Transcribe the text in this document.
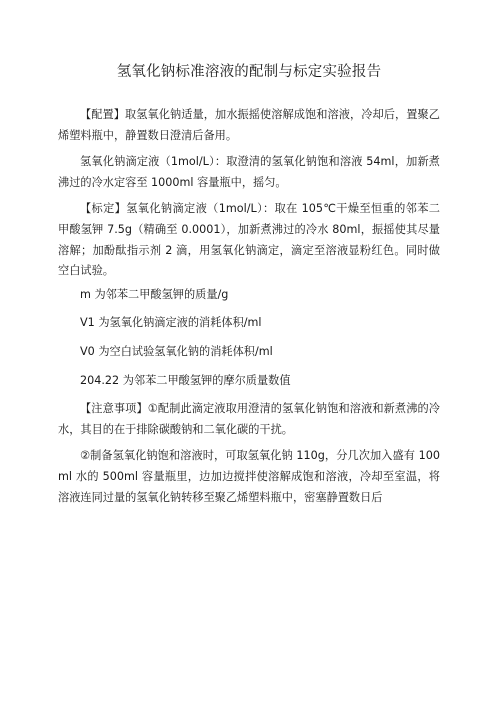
氢氧化钠标准溶液的配制与标定实验报告

【配置】取氢氧化钠适量，加水振摇使溶解成饱和溶液，冷却后，置聚乙烯塑料瓶中，静置数日澄清后备用。

氢氧化钠滴定液（1mol/L）：取澄清的氢氧化钠饱和溶液 54ml，加新煮沸过的冷水定容至 1000ml 容量瓶中，摇匀。

【标定】氢氧化钠滴定液（1mol/L）：取在 105℃干燥至恒重的邻苯二甲酸氢钾 7.5g（精确至 0.0001），加新煮沸过的冷水 80ml，振摇使其尽量溶解；加酚酞指示剂 2 滴，用氢氧化钠滴定，滴定至溶液显粉红色。同时做空白试验。

m 为邻苯二甲酸氢钾的质量/g
V1 为氢氧化钠滴定液的消耗体积/ml
V0 为空白试验氢氧化钠的消耗体积/ml
204.22 为邻苯二甲酸氢钾的摩尔质量数值

【注意事项】①配制此滴定液取用澄清的氢氧化钠饱和溶液和新煮沸的冷水，其目的在于排除碳酸钠和二氧化碳的干扰。

②制备氢氧化钠饱和溶液时，可取氢氧化钠 110g，分几次加入盛有 100ml 水的 500ml 容量瓶里，边加边搅拌使溶解成饱和溶液，冷却至室温，将溶液连同过量的氢氧化钠转移至聚乙烯塑料瓶中，密塞静置数日后
